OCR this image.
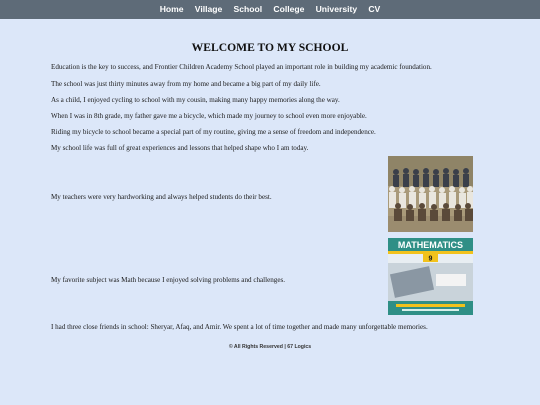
Home	Village	School	College	University	CV
WELCOME TO MY SCHOOL

Education is the key to success, and Frontier Children Academy School played an important role in building my academic foundation.

The school was just thirty minutes away from my home and became a big part of my daily life.

As a child, I enjoyed cycling to school with my cousin, making many happy memories along the way.

When I was in 8th grade, my father gave me a bicycle, which made my journey to school even more enjoyable.

Riding my bicycle to school became a special part of my routine, giving me a sense of freedom and independence.

My school life was full of great experiences and lessons that helped shape who I am today.

My teachers were very hardworking and always helped students do their best.

My favorite subject was Math because I enjoyed solving problems and challenges.

MATHEMATICS
9

I had three close friends in school: Sheryar, Afaq, and Amir. We spent a lot of time together and made many unforgettable memories.

© All Rights Reserved | 67 Logics
